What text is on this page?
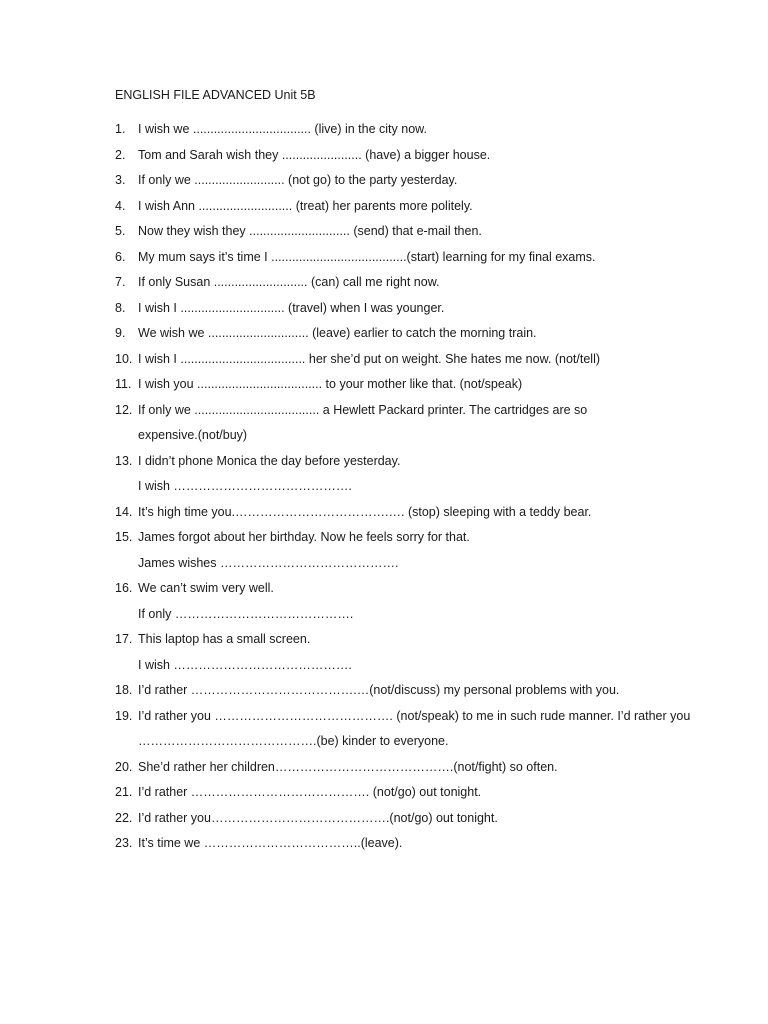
ENGLISH FILE ADVANCED Unit 5B
1.	I wish we .................................. (live) in the city now.
2.	Tom and Sarah wish they ....................... (have) a bigger house.
3.	If only we .......................... (not go) to the party yesterday.
4.	I wish Ann ........................... (treat) her parents more politely.
5.	Now they wish they ............................. (send) that e-mail then.
6.	My mum says it’s time I .......................................(start) learning for my final exams.
7.	If only Susan ........................... (can) call me right now.
8.	I wish I .............................. (travel) when I was younger.
9.	We wish we ............................. (leave) earlier to catch the morning train.
10. I wish I .................................... her she’d put on weight. She hates me now. (not/tell)
11. I wish you .................................... to your mother like that. (not/speak)
12. If only we .................................... a Hewlett Packard printer. The cartridges are so
expensive.(not/buy)
13. I didn’t phone Monica the day before yesterday.
I wish …………………………………….
14. It’s high time you.……………………………….…. (stop) sleeping with a teddy bear.
15. James forgot about her birthday. Now he feels sorry for that.
James wishes …………………………………….
16. We can’t swim very well.
If only …………………………………….
17. This laptop has a small screen.
I wish …………………………………….
18. I’d rather ………………………………….…(not/discuss) my personal problems with you.
19. I’d rather you ……………………………………. (not/speak) to me in such rude manner. I’d rather you
…………………………………….(be) kinder to everyone.
20. She’d rather her children…………………………………….(not/fight) so often.
21. I’d rather ……………………………………. (not/go) out tonight.
22. I’d rather you…………………………………….(not/go) out tonight.
23. It’s time we ………………………………..(leave).
